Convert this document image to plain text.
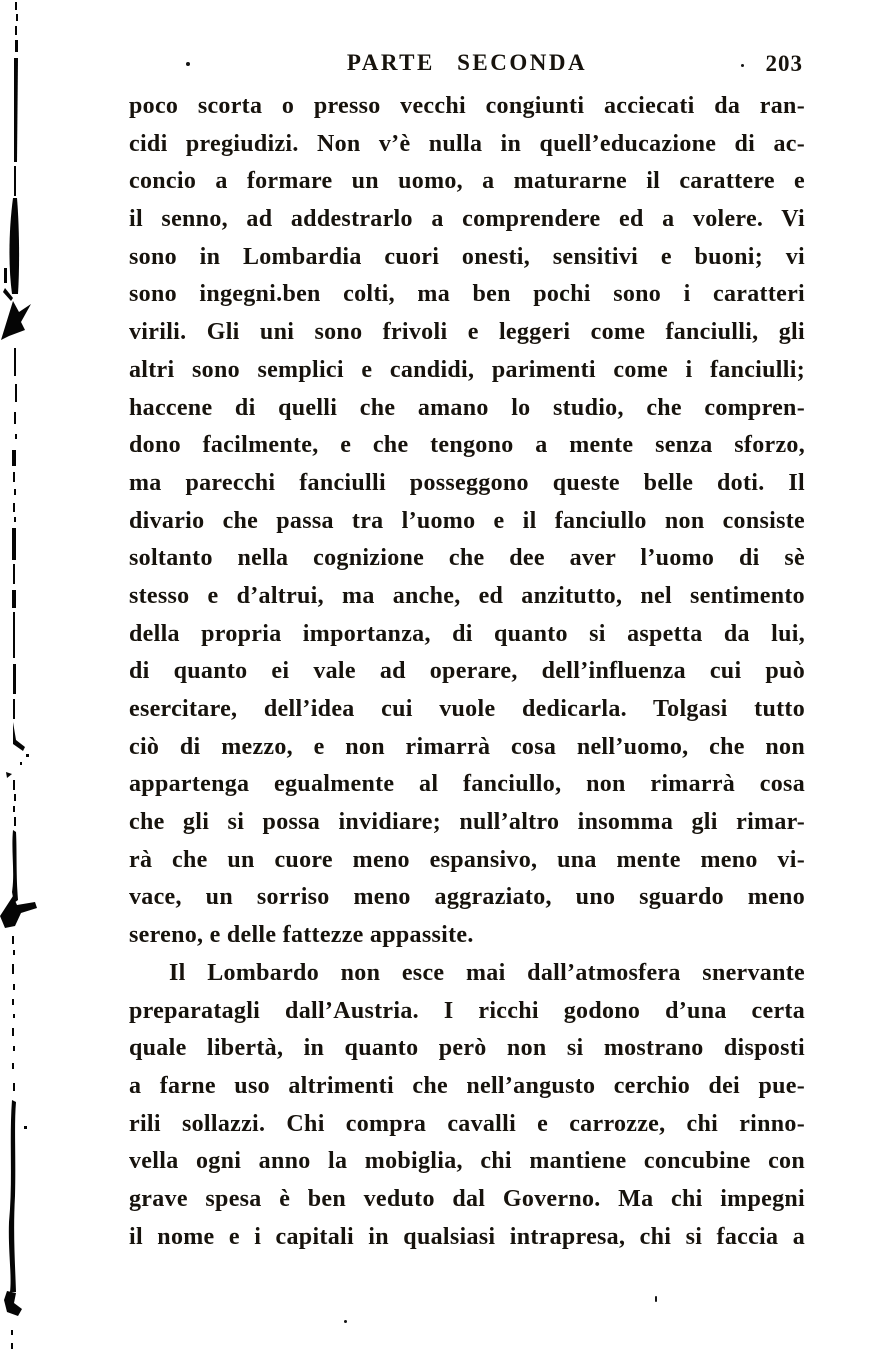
PARTE SECONDA	203
poco scorta o presso vecchi congiunti acciecati da ran-
cidi pregiudizi. Non v’è nulla in quell’educazione di ac-
concio a formare un uomo, a maturarne il carattere e
il senno, ad addestrarlo a comprendere ed a volere. Vi
sono in Lombardia cuori onesti, sensitivi e buoni; vi
sono ingegni.ben colti, ma ben pochi sono i caratteri
virili. Gli uni sono frivoli e leggeri come fanciulli, gli
altri sono semplici e candidi, parimenti come i fanciulli;
haccene di quelli che amano lo studio, che compren-
dono facilmente, e che tengono a mente senza sforzo,
ma parecchi fanciulli posseggono queste belle doti. Il
divario che passa tra l’uomo e il fanciullo non consiste
soltanto nella cognizione che dee aver l’uomo di sè
stesso e d’altrui, ma anche, ed anzitutto, nel sentimento
della propria importanza, di quanto si aspetta da lui,
di quanto ei vale ad operare, dell’influenza cui può
esercitare, dell’idea cui vuole dedicarla. Tolgasi tutto
ciò di mezzo, e non rimarrà cosa nell’uomo, che non
appartenga egualmente al fanciullo, non rimarrà cosa
che gli si possa invidiare; null’altro insomma gli rimar-
rà che un cuore meno espansivo, una mente meno vi-
vace, un sorriso meno aggraziato, uno sguardo meno
sereno, e delle fattezze appassite.
Il Lombardo non esce mai dall’atmosfera snervante
preparatagli dall’Austria. I ricchi godono d’una certa
quale libertà, in quanto però non si mostrano disposti
a farne uso altrimenti che nell’angusto cerchio dei pue-
rili sollazzi. Chi compra cavalli e carrozze, chi rinno-
vella ogni anno la mobiglia, chi mantiene concubine con
grave spesa è ben veduto dal Governo. Ma chi impegni
il nome e i capitali in qualsiasi intrapresa, chi si faccia a
